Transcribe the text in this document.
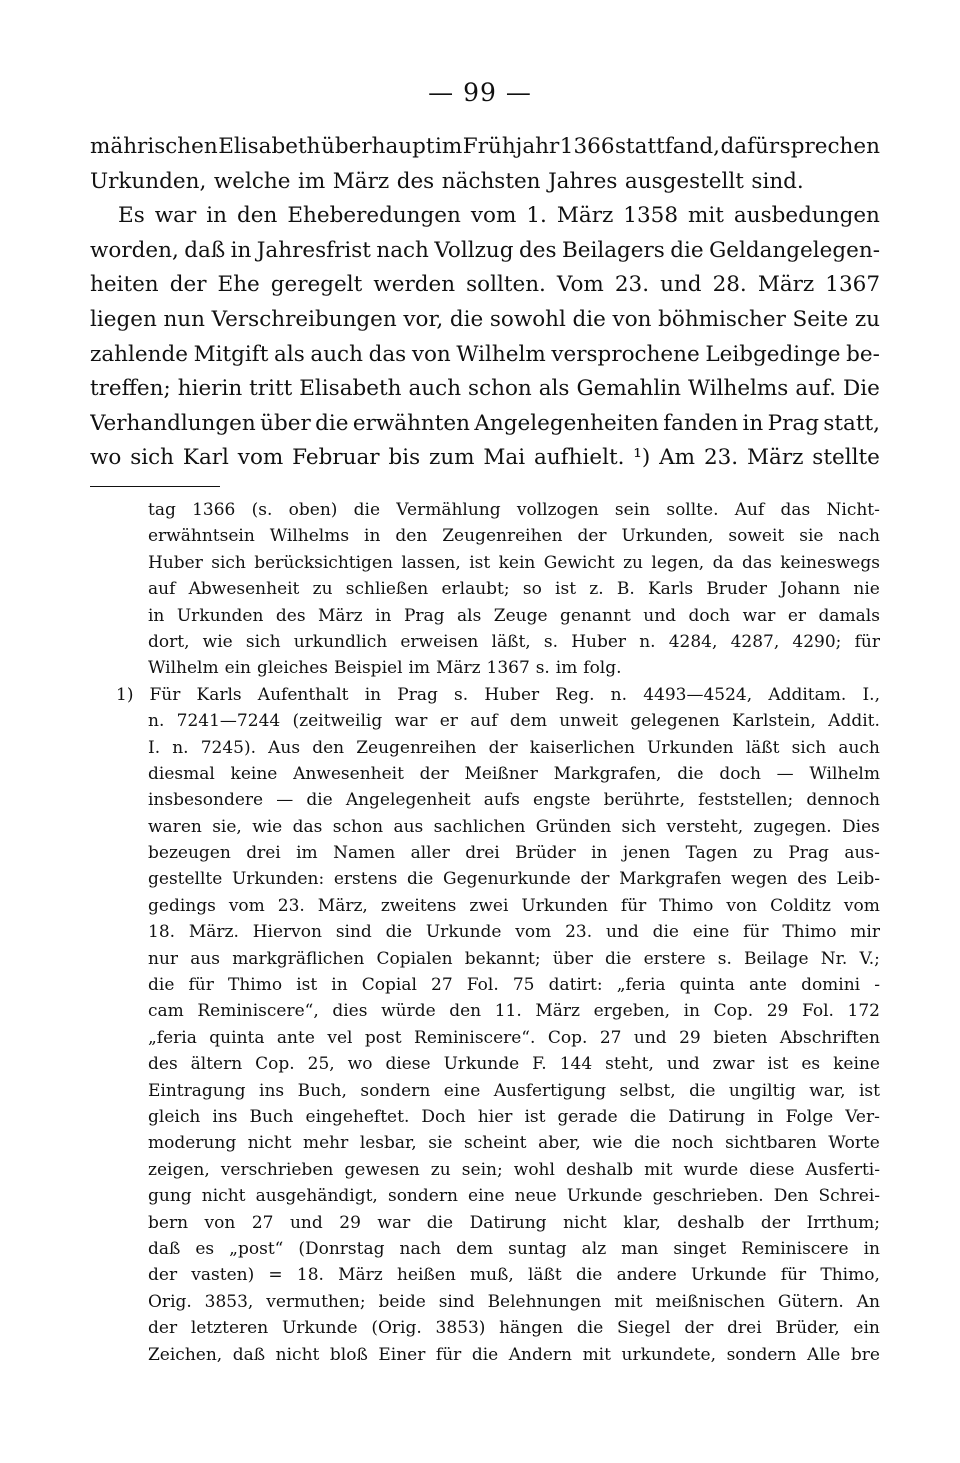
— 99 —
mährischen Elisabeth überhaupt im Frühjahr 1366 stattfand, dafür sprechen
Urkunden, welche im März des nächsten Jahres ausgestellt sind.
Es war in den Eheberedungen vom 1. März 1358 mit ausbedungen
worden, daß in Jahresfrist nach Vollzug des Beilagers die Geldangelegen-
heiten der Ehe geregelt werden sollten. Vom 23. und 28. März 1367
liegen nun Verschreibungen vor, die sowohl die von böhmischer Seite zu
zahlende Mitgift als auch das von Wilhelm versprochene Leibgedinge be-
treffen; hierin tritt Elisabeth auch schon als Gemahlin Wilhelms auf. Die
Verhandlungen über die erwähnten Angelegenheiten fanden in Prag statt,
wo sich Karl vom Februar bis zum Mai aufhielt. ¹) Am 23. März stellte
tag 1366 (s. oben) die Vermählung vollzogen sein sollte. Auf das Nicht-
erwähntsein Wilhelms in den Zeugenreihen der Urkunden, soweit sie nach
Huber sich berücksichtigen lassen, ist kein Gewicht zu legen, da das keineswegs
auf Abwesenheit zu schließen erlaubt; so ist z. B. Karls Bruder Johann nie
in Urkunden des März in Prag als Zeuge genannt und doch war er damals
dort, wie sich urkundlich erweisen läßt, s. Huber n. 4284, 4287, 4290; für
Wilhelm ein gleiches Beispiel im März 1367 s. im folg.
1) Für Karls Aufenthalt in Prag s. Huber Reg. n. 4493—4524, Additam. I.,
n. 7241—7244 (zeitweilig war er auf dem unweit gelegenen Karlstein, Addit.
I. n. 7245). Aus den Zeugenreihen der kaiserlichen Urkunden läßt sich auch
diesmal keine Anwesenheit der Meißner Markgrafen, die doch — Wilhelm
insbesondere — die Angelegenheit aufs engste berührte, feststellen; dennoch
waren sie, wie das schon aus sachlichen Gründen sich versteht, zugegen. Dies
bezeugen drei im Namen aller drei Brüder in jenen Tagen zu Prag aus-
gestellte Urkunden: erstens die Gegenurkunde der Markgrafen wegen des Leib-
gedings vom 23. März, zweitens zwei Urkunden für Thimo von Colditz vom
18. März. Hiervon sind die Urkunde vom 23. und die eine für Thimo mir
nur aus markgräflichen Copialen bekannt; über die erstere s. Beilage Nr. V.;
die für Thimo ist in Copial 27 Fol. 75 datirt: „feria quinta ante domini -
cam Reminiscere“, dies würde den 11. März ergeben, in Cop. 29 Fol. 172
„feria quinta ante vel post Reminiscere“. Cop. 27 und 29 bieten Abschriften
des ältern Cop. 25, wo diese Urkunde F. 144 steht, und zwar ist es keine
Eintragung ins Buch, sondern eine Ausfertigung selbst, die ungiltig war, ist
gleich ins Buch eingeheftet. Doch hier ist gerade die Datirung in Folge Ver-
moderung nicht mehr lesbar, sie scheint aber, wie die noch sichtbaren Worte
zeigen, verschrieben gewesen zu sein; wohl deshalb mit wurde diese Ausferti-
gung nicht ausgehändigt, sondern eine neue Urkunde geschrieben. Den Schrei-
bern von 27 und 29 war die Datirung nicht klar, deshalb der Irrthum;
daß es „post“ (Donrstag nach dem suntag alz man singet Reminiscere in
der vasten) = 18. März heißen muß, läßt die andere Urkunde für Thimo,
Orig. 3853, vermuthen; beide sind Belehnungen mit meißnischen Gütern. An
der letzteren Urkunde (Orig. 3853) hängen die Siegel der drei Brüder, ein
Zeichen, daß nicht bloß Einer für die Andern mit urkundete, sondern Alle bre
